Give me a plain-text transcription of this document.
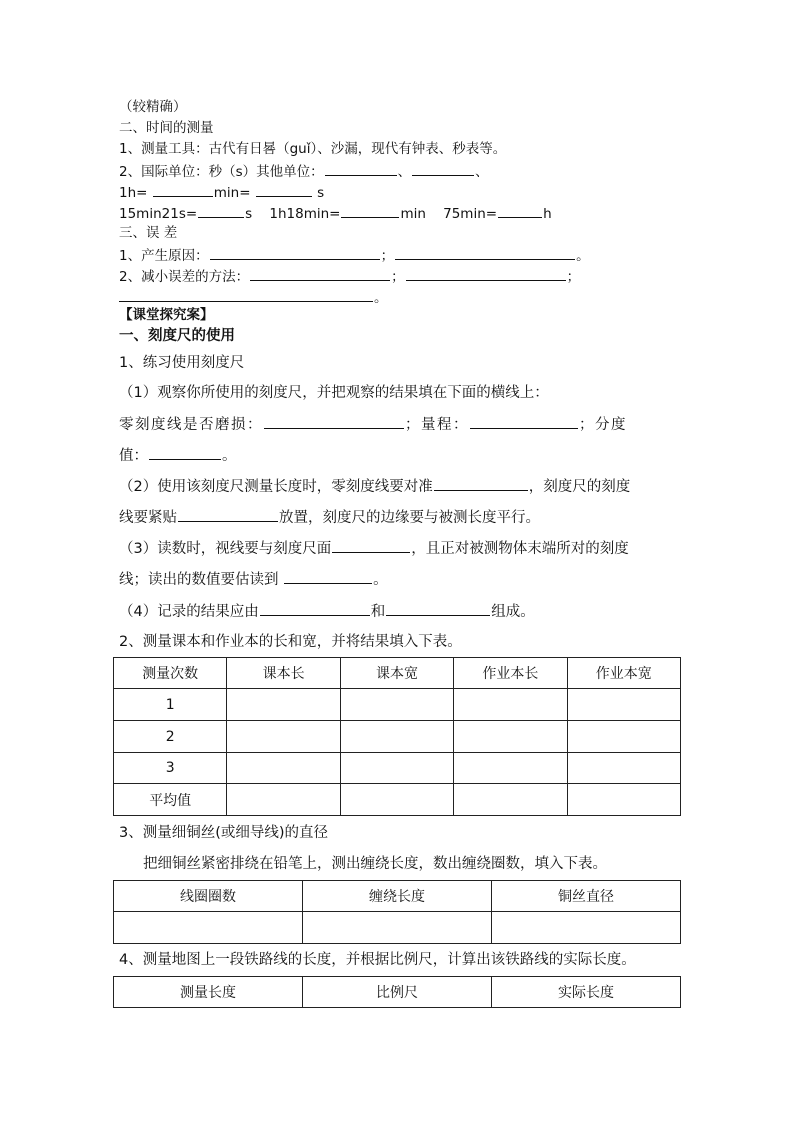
（较精确）
二、时间的测量
1、测量工具：古代有日晷（guǐ）、沙漏，现代有钟表、秒表等。
2、国际单位：秒（s）其他单位：	、	、
1h=	min=	s
15min21s=	s 1h18min=	min 75min=	h
三、误 差
1、产生原因：	；	。
2、减小误差的方法：	；	；
。
【课堂探究案】
一、刻度尺的使用
1、练习使用刻度尺
（1）观察你所使用的刻度尺，并把观察的结果填在下面的横线上：
零刻度线是否磨损：	；量程：	；分度
值：	。
（2）使用该刻度尺测量长度时，零刻度线要对准	，刻度尺的刻度
线要紧贴	放置，刻度尺的边缘要与被测长度平行。
（3）读数时，视线要与刻度尺面	，且正对被测物体末端所对的刻度
线；读出的数值要估读到	。
（4）记录的结果应由	和	组成。
2、测量课本和作业本的长和宽，并将结果填入下表。
测量次数	课本长	课本宽	作业本长	作业本宽
1				
2				
3				
平均值				
3、测量细铜丝(或细导线)的直径
把细铜丝紧密排绕在铅笔上，测出缠绕长度，数出缠绕圈数，填入下表。
线圈圈数	缠绕长度	铜丝直径

4、测量地图上一段铁路线的长度，并根据比例尺，计算出该铁路线的实际长度。
测量长度	比例尺	实际长度
